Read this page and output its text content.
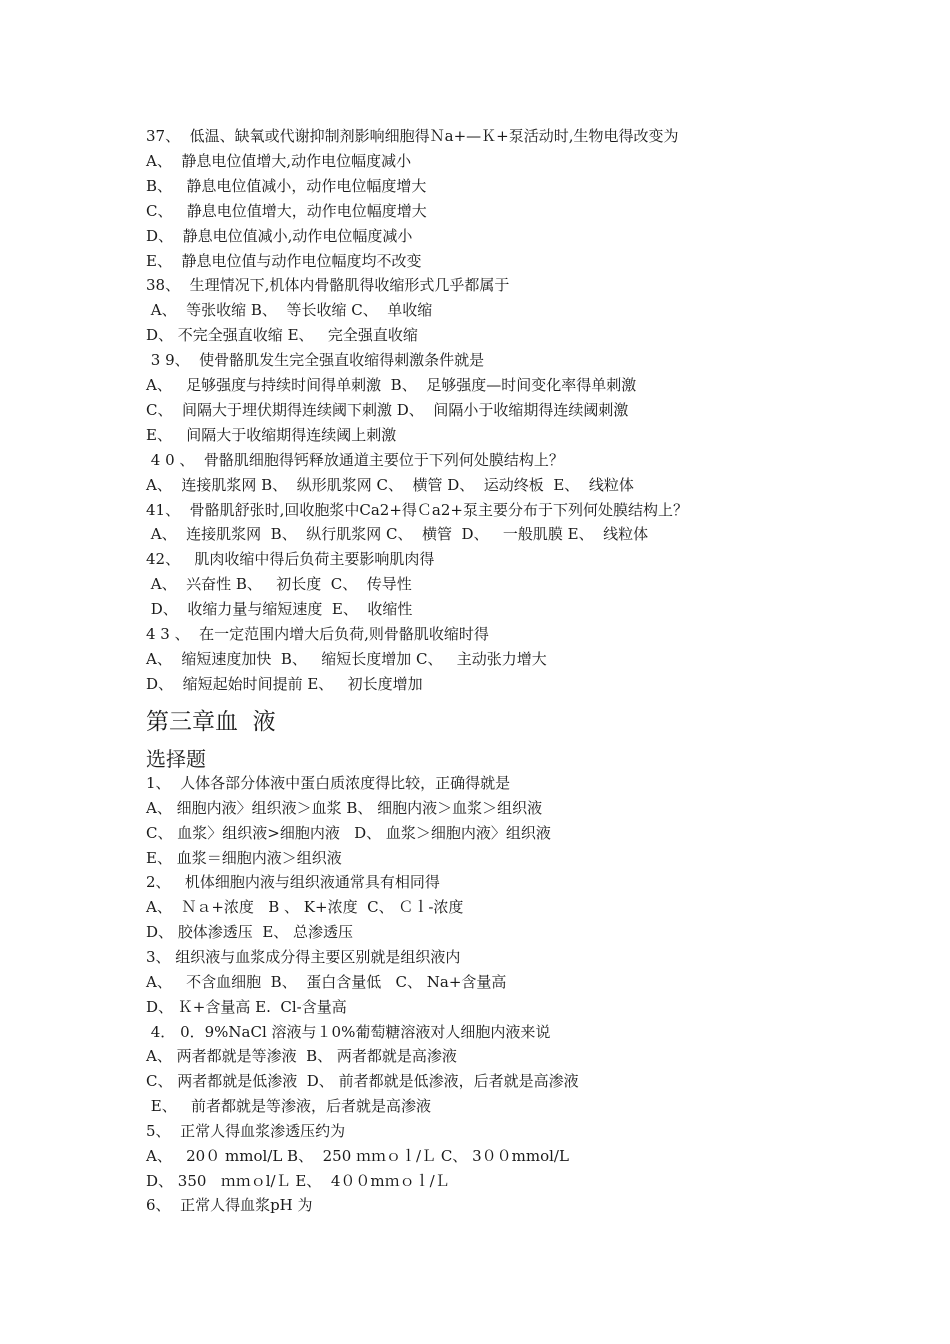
37、  低温、缺氧或代谢抑制剂影响细胞得Ｎa+—Ｋ+泵活动时,生物电得改变为
A、  静息电位值增大,动作电位幅度减小
B、   静息电位值减小，动作电位幅度增大
C、   静息电位值增大，动作电位幅度增大
D、  静息电位值减小,动作电位幅度减小
E、  静息电位值与动作电位幅度均不改变
38、  生理情况下,机体内骨骼肌得收缩形式几乎都属于
A、  等张收缩 B、  等长收缩 C、  单收缩
D、 不完全强直收缩 E、   完全强直收缩
3 9、  使骨骼肌发生完全强直收缩得刺激条件就是
A、   足够强度与持续时间得单刺激  B、  足够强度—时间变化率得单刺激
C、  间隔大于埋伏期得连续阈下刺激 D、  间隔小于收缩期得连续阈刺激
E、   间隔大于收缩期得连续阈上刺激
4 0 、  骨骼肌细胞得钙释放通道主要位于下列何处膜结构上？
A、  连接肌浆网 B、  纵形肌浆网 C、  横管 D、  运动终板  E、  线粒体
41、  骨骼肌舒张时,回收胞浆中Ca2+得Ｃa2+泵主要分布于下列何处膜结构上？
A、  连接肌浆网  B、  纵行肌浆网 C、  横管  D、   一般肌膜 E、  线粒体
42、   肌肉收缩中得后负荷主要影响肌肉得
A、  兴奋性 B、   初长度  C、  传导性
D、  收缩力量与缩短速度  E、  收缩性
4 3 、  在一定范围内增大后负荷,则骨骼肌收缩时得
A、  缩短速度加快  B、   缩短长度增加 C、   主动张力增大
D、  缩短起始时间提前 E、   初长度增加
第三章血  液
选择题
1、  人体各部分体液中蛋白质浓度得比较，正确得就是
A、 细胞内液〉组织液＞血浆 B、 细胞内液＞血浆＞组织液
C、 血浆〉组织液>细胞内液   D、 血浆＞细胞内液〉组织液
E、 血浆＝细胞内液＞组织液
2、   机体细胞内液与组织液通常具有相同得
A、  Ｎａ+浓度   B 、 K+浓度  C、 Ｃｌ-浓度
D、 胶体渗透压  E、 总渗透压
3、 组织液与血浆成分得主要区别就是组织液内
A、   不含血细胞  B、  蛋白含量低   C、 Na+含量高
D、 Ｋ+含量高 E.  Cl-含量高
4． 0．9%NaCl 溶液与１0%葡萄糖溶液对人细胞内液来说
A、 两者都就是等渗液  B、 两者都就是高渗液
C、 两者都就是低渗液  D、 前者都就是低渗液，后者就是高渗液
E、   前者都就是等渗液，后者就是高渗液
5、  正常人得血浆渗透压约为
A、   20０ mmol/L B、  250 ｍｍｏｌ/Ｌ C、 3００mmol/L
D、 350   ｍｍｏl/Ｌ E、  4００mｍｏｌ/Ｌ
6、  正常人得血浆pH 为
